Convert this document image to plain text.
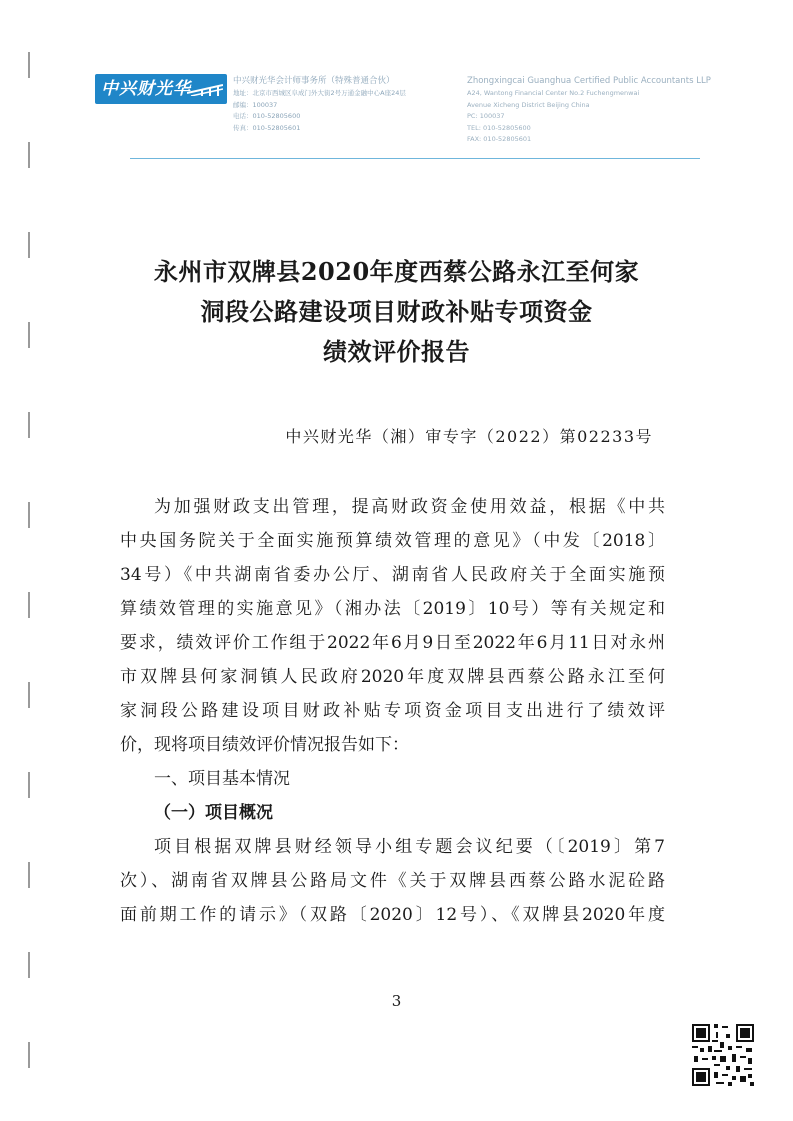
中兴财光华	中兴财光华会计师事务所（特殊普通合伙）
地址：北京市西城区阜成门外大街2号万通金融中心A座24层
邮编：100037
电话：010-52805600
传真：010-52805601
Zhongxingcai Guanghua Certified Public Accountants LLP
A24, Wantong Financial Center No.2 Fuchengmenwai
Avenue Xicheng District Beijing China
PC: 100037
TEL: 010-52805600
FAX: 010-52805601
永州市双牌县2020年度西蔡公路永江至何家
洞段公路建设项目财政补贴专项资金
绩效评价报告
中兴财光华（湘）审专字（2022）第02233号

为加强财政支出管理，提高财政资金使用效益，根据《中共

中央国务院关于全面实施预算绩效管理的意见》（中发〔2018〕

34号）《中共湖南省委办公厅、湖南省人民政府关于全面实施预

算绩效管理的实施意见》（湘办法〔2019〕10号）等有关规定和

要求，绩效评价工作组于2022年6月9日至2022年6月11日对永州

市双牌县何家洞镇人民政府2020年度双牌县西蔡公路永江至何

家洞段公路建设项目财政补贴专项资金项目支出进行了绩效评

价，现将项目绩效评价情况报告如下：

一、项目基本情况
（一）项目概况

项目根据双牌县财经领导小组专题会议纪要（〔2019〕第7

次）、湖南省双牌县公路局文件《关于双牌县西蔡公路水泥砼路

面前期工作的请示》（双路〔2020〕12号）、《双牌县2020年度

3
